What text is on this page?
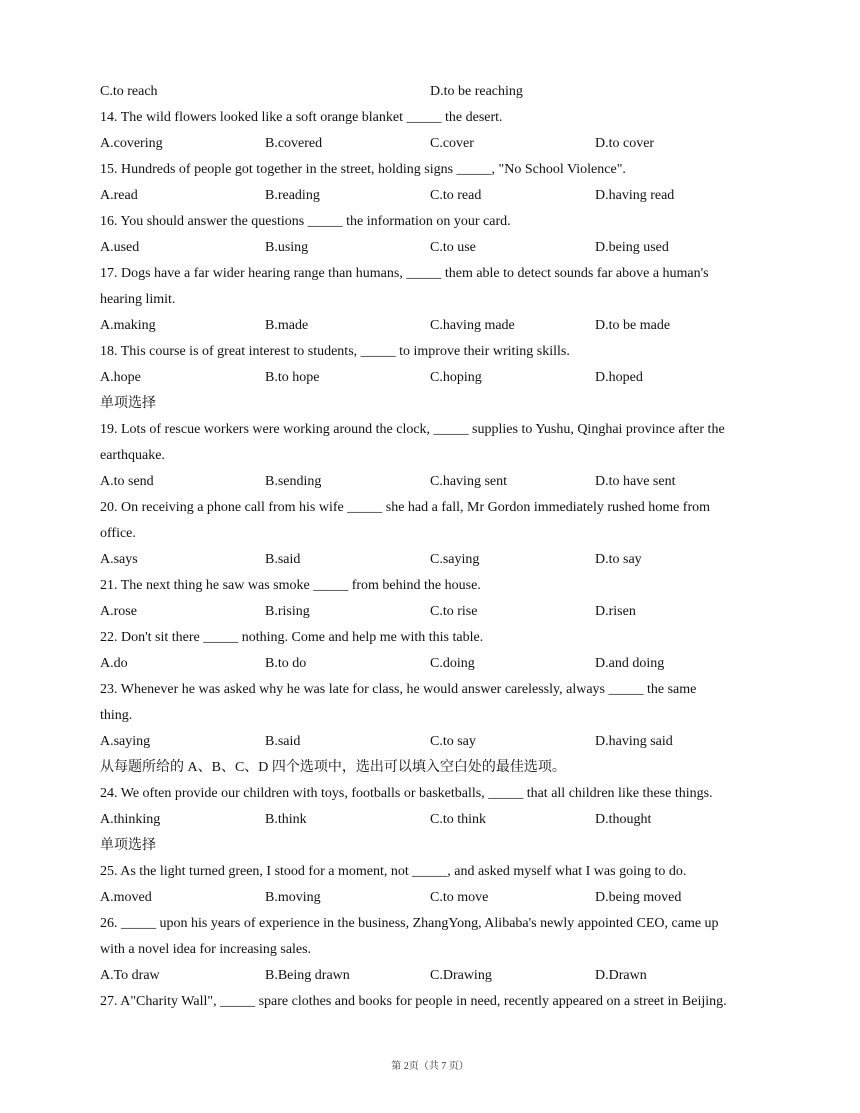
C.to reach	D.to be reaching
14. The wild flowers looked like a soft orange blanket _____ the desert.
A.covering	B.covered	C.cover	D.to cover
15. Hundreds of people got together in the street, holding signs _____, "No School Violence".
A.read	B.reading	C.to read	D.having read
16. You should answer the questions _____ the information on your card.
A.used	B.using	C.to use	D.being used
17. Dogs have a far wider hearing range than humans, _____ them able to detect sounds far above a human's
hearing limit.
A.making	B.made	C.having made	D.to be made
18. This course is of great interest to students, _____ to improve their writing skills.
A.hope	B.to hope	C.hoping	D.hoped
单项选择
19. Lots of rescue workers were working around the clock, _____ supplies to Yushu, Qinghai province after the
earthquake.
A.to send	B.sending	C.having sent	D.to have sent
20. On receiving a phone call from his wife _____ she had a fall, Mr Gordon immediately rushed home from
office.
A.says	B.said	C.saying	D.to say
21. The next thing he saw was smoke _____ from behind the house.
A.rose	B.rising	C.to rise	D.risen
22. Don't sit there _____ nothing. Come and help me with this table.
A.do	B.to do	C.doing	D.and doing
23. Whenever he was asked why he was late for class, he would answer carelessly, always _____ the same
thing.
A.saying	B.said	C.to say	D.having said
从每题所给的 A、B、C、D 四个选项中，选出可以填入空白处的最佳选项。
24. We often provide our children with toys, footballs or basketballs, _____ that all children like these things.
A.thinking	B.think	C.to think	D.thought
单项选择
25. As the light turned green, I stood for a moment, not _____, and asked myself what I was going to do.
A.moved	B.moving	C.to move	D.being moved
26. _____ upon his years of experience in the business, ZhangYong, Alibaba's newly appointed CEO, came up
with a novel idea for increasing sales.
A.To draw	B.Being drawn	C.Drawing	D.Drawn
27. A"Charity Wall", _____ spare clothes and books for people in need, recently appeared on a street in Beijing.
第 2页（共 7 页）
